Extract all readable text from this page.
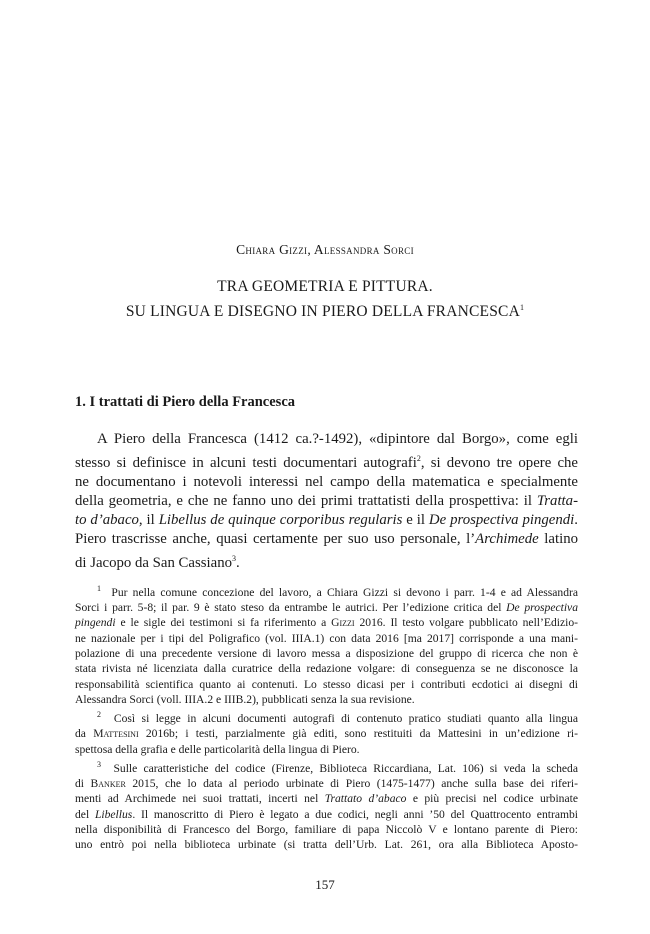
Chiara Gizzi, Alessandra Sorci
TRA GEOMETRIA E PITTURA.
SU LINGUA E DISEGNO IN PIERO DELLA FRANCESCA$^1$
1. I trattati di Piero della Francesca
A Piero della Francesca (1412 ca.?-1492), «dipintore dal Borgo», come egli
stesso si definisce in alcuni testi documentari autografi$^2$, si devono tre opere che
ne documentano i notevoli interessi nel campo della matematica e specialmente
della geometria, e che ne fanno uno dei primi trattatisti della prospettiva: il Tratta-
to d’abaco, il Libellus de quinque corporibus regularis e il De prospectiva pingendi.
Piero trascrisse anche, quasi certamente per suo uso personale, l’Archimede latino
di Jacopo da San Cassiano$^3$.
$^1$ Pur nella comune concezione del lavoro, a Chiara Gizzi si devono i parr. 1-4 e ad Alessandra
Sorci i parr. 5-8; il par. 9 è stato steso da entrambe le autrici. Per l’edizione critica del De prospectiva
pingendi e le sigle dei testimoni si fa riferimento a Gizzi 2016. Il testo volgare pubblicato nell’Edizio-
ne nazionale per i tipi del Poligrafico (vol. IIIA.1) con data 2016 [ma 2017] corrisponde a una mani-
polazione di una precedente versione di lavoro messa a disposizione del gruppo di ricerca che non è
stata rivista né licenziata dalla curatrice della redazione volgare: di conseguenza se ne disconosce la
responsabilità scientifica quanto ai contenuti. Lo stesso dicasi per i contributi ecdotici ai disegni di
Alessandra Sorci (voll. IIIA.2 e IIIB.2), pubblicati senza la sua revisione.
$^2$ Così si legge in alcuni documenti autografi di contenuto pratico studiati quanto alla lingua
da Mattesini 2016b; i testi, parzialmente già editi, sono restituiti da Mattesini in un’edizione ri-
spettosa della grafia e delle particolarità della lingua di Piero.
$^3$ Sulle caratteristiche del codice (Firenze, Biblioteca Riccardiana, Lat. 106) si veda la scheda
di Banker 2015, che lo data al periodo urbinate di Piero (1475-1477) anche sulla base dei riferi-
menti ad Archimede nei suoi trattati, incerti nel Trattato d’abaco e più precisi nel codice urbinate
del Libellus. Il manoscritto di Piero è legato a due codici, negli anni ’50 del Quattrocento entrambi
nella disponibilità di Francesco del Borgo, familiare di papa Niccolò V e lontano parente di Piero:
uno entrò poi nella biblioteca urbinate (si tratta dell’Urb. Lat. 261, ora alla Biblioteca Aposto-
157
